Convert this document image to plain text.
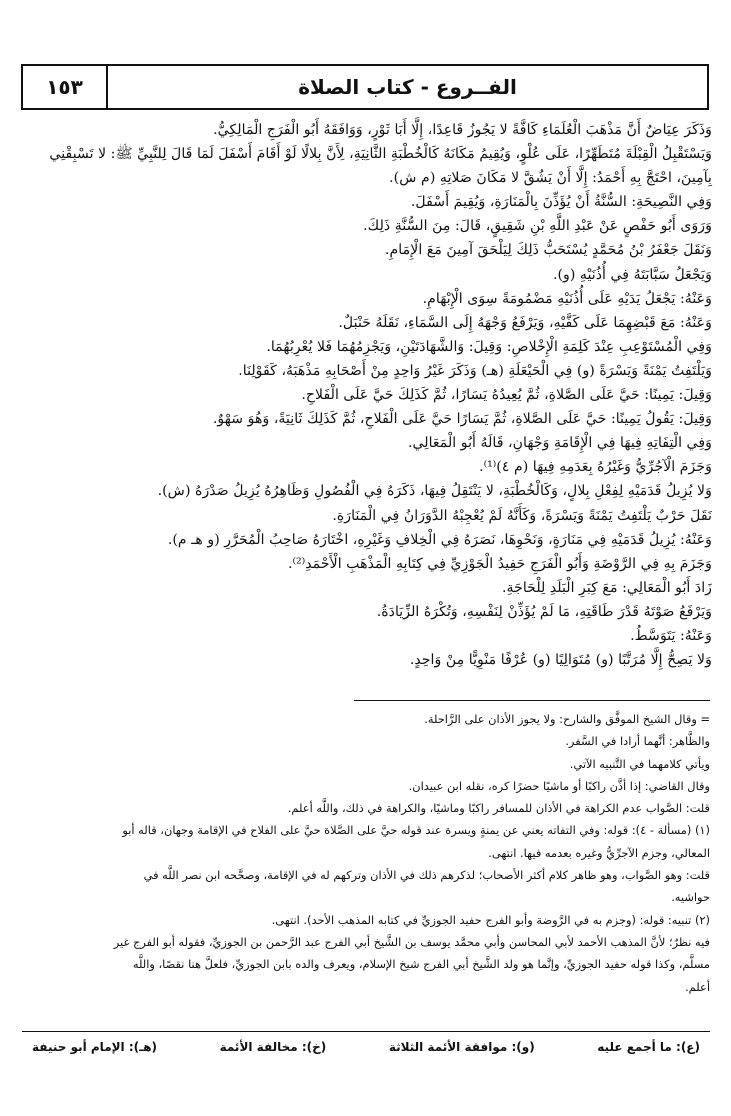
الفــروع - كتاب الصلاة
١٥٣

وَذَكَرَ عِيَاضٌ أَنَّ مَذْهَبَ الْعُلَمَاءِ كَافَّةً لا يَجُوزُ قَاعِدًا، إِلَّا أَبَا ثَوْرٍ، وَوَافَقَهُ أَبُو الْفَرَجِ الْمَالِكِيُّ.

وَيَسْتَقْبِلُ الْقِبْلَةَ مُتَطَهِّرًا، عَلَى عُلْوٍ، وَيُقِيمُ مَكَانَهُ كَالْخُطْبَةِ الثَّانِيَةِ، لِأَنَّ بِلالًا لَوْ أَقَامَ أَسْفَلَ لَمَا قَالَ لِلنَّبِيِّ ﷺ: لا تَسْبِقْنِي

بِآمِينَ، احْتَجَّ بِهِ أَحْمَدُ: إِلَّا أَنْ يَشُقَّ لا مَكَانَ صَلاتِهِ (م ش).

وَفِي النَّصِيحَةِ: السُّنَّةُ أَنْ يُؤَذِّنَ بِالْمَنَارَةِ، وَيُقِيمَ أَسْفَلَ.

وَرَوَى أَبُو حَفْصٍ عَنْ عَبْدِ اللَّهِ بْنِ شَقِيقٍ، قَالَ: مِنَ السُّنَّةِ ذَلِكَ.

وَنَقَلَ جَعْفَرُ بْنُ مُحَمَّدٍ يُسْتَحَبُّ ذَلِكَ لِيَلْحَقَ آمِينَ مَعَ الْإِمَامِ.

وَيَجْعَلُ سَبَّابَتَهُ فِي أُذُنَيْهِ (و).

وَعَنْهُ: يَجْعَلُ يَدَيْهِ عَلَى أُذُنَيْهِ مَضْمُومَةً سِوَى الْإِبْهَامِ.

وَعَنْهُ: مَعَ قَبْضِهِمَا عَلَى كَفَّيْهِ، وَيَرْفَعُ وَجْهَهُ إِلَى السَّمَاءِ، نَقَلَهُ حَنْبَلٌ.

وَفِي الْمُسْتَوْعِبِ عِنْدَ كَلِمَةِ الْإِخْلاصِ: وَقِيلَ: وَالشَّهَادَتَيْنِ، وَيَجْزِمُهُمَا فَلا يُعْرِبُهُمَا.

وَيَلْتَفِتُ يَمْنَةً وَيَسْرَةً (و) فِي الْحَيْعَلَةِ (هـ) وَذَكَرَ غَيْرُ وَاحِدٍ مِنْ أَصْحَابِهِ مَذْهَبَهُ، كَقَوْلِنَا.

وَقِيلَ: يَمِينًا: حَيَّ عَلَى الصَّلاةِ، ثُمَّ يُعِيدُهُ يَسَارًا، ثُمَّ كَذَلِكَ حَيَّ عَلَى الْفَلاحِ.

وَقِيلَ: يَقُولُ يَمِينًا: حَيَّ عَلَى الصَّلاةِ، ثُمَّ يَسَارًا حَيَّ عَلَى الْفَلاحِ، ثُمَّ كَذَلِكَ ثَانِيَةً، وَهُوَ سَهْوٌ.

وَفِي الْتِفَاتِهِ فِيهَا فِي الْإِقَامَةِ وَجْهَانِ، قَالَهُ أَبُو الْمَعَالِي.

وَجَزَمَ الْآجُرِّيُّ وَغَيْرُهُ بِعَدَمِهِ فِيهَا (م ٤)⁽¹⁾.

وَلا يُزِيلُ قَدَمَيْهِ لِفِعْلِ بِلالٍ، وَكَالْخُطْبَةِ، لا يَنْتَقِلُ فِيهَا، ذَكَرَهُ فِي الْفُصُولِ وَظَاهِرُهُ يُزِيلُ صَدْرَهُ (ش).

نَقَلَ حَرْبٌ يَلْتَفِتُ يَمْنَةً وَيَسْرَةً، وَكَأَنَّهُ لَمْ يُعْجِبْهُ الدَّوَرَانُ فِي الْمَنَارَةِ.

وَعَنْهُ: يُزِيلُ قَدَمَيْهِ فِي مَنَارَةٍ، وَنَحْوِهَا، نَصَرَهُ فِي الْخِلافِ وَغَيْرِهِ، اخْتَارَهُ صَاحِبُ الْمُحَرَّرِ (و هـ م).

وَجَزَمَ بِهِ فِي الرَّوْضَةِ وَأَبُو الْفَرَجِ حَفِيدُ الْجَوْزِيِّ فِي كِتَابِهِ الْمَذْهَبِ الْأَحْمَدِ⁽²⁾.

زَادَ أَبُو الْمَعَالِي: مَعَ كِبَرِ الْبَلَدِ لِلْحَاجَةِ.

وَيَرْفَعُ صَوْتَهُ قَدْرَ طَاقَتِهِ، مَا لَمْ يُؤَذِّنْ لِنَفْسِهِ، وَتُكْرَهُ الزِّيَادَةُ.

وَعَنْهُ: يَتَوَسَّطُ.

وَلا يَصِحُّ إِلَّا مُرَتَّبًا (و) مُتَوَالِيًا (و) عُرْفًا مَنْوِيًّا مِنْ وَاحِدٍ.

= وقال الشيخ الموفَّق والشارح: ولا يجوز الأذان على الرَّاحلة.

والظَّاهر: أنَّهما أرادا في السَّفر.

ويأتي كلامهما في التَّنبيه الآتي.

وقال القاضي: إذا أذَّن راكبًا أو ماشيًا حضرًا كره، نقله ابن عبيدان.

قلت: الصَّواب عدم الكراهة في الأذان للمسافر راكبًا وماشيًا، والكراهة في ذلك، واللَّه أعلم.

(١) (مسألة - ٤): قوله: وفي التفاته يعني عن يمنةٍ ويسرة عند قوله حيَّ على الصَّلاة حيَّ على الفلاح في الإقامة وجهان، قاله أبو

المعالي، وجزم الآجرِّيُّ وغيره بعدمه فيها. انتهى.

قلت: وهو الصَّواب، وهو ظاهر كلام أكثر الأصحاب؛ لذكرهم ذلك في الأذان وتركهم له في الإقامة، وصحَّحه ابن نصر اللَّه في

حواشيه.

(٢) تنبيه: قوله: (وجزم به في الرَّوضة وأبو الفرج حفيد الجوزيِّ في كتابه المذهب الأحد). انتهى.

فيه نظرٌ؛ لأنَّ المذهب الأحمد لأبي المحاسن وأبي محمَّد يوسف بن الشَّيخ أبي الفرج عبد الرَّحمن بن الجوزيِّ، فقوله أبو الفرج غير

مسلَّم، وكذا قوله حفيد الجوزيِّ، وإنَّما هو ولد الشَّيخ أبي الفرج شيخ الإسلام، ويعرف والده بابن الجوزيِّ، فلعلَّ هنا نقصًا، واللَّه

أعلم.

(ع): ما أجمع عليه
(و): موافقة الأئمة الثلاثة
(خ): مخالفة الأئمة
(هـ): الإمام أبو حنيفة
